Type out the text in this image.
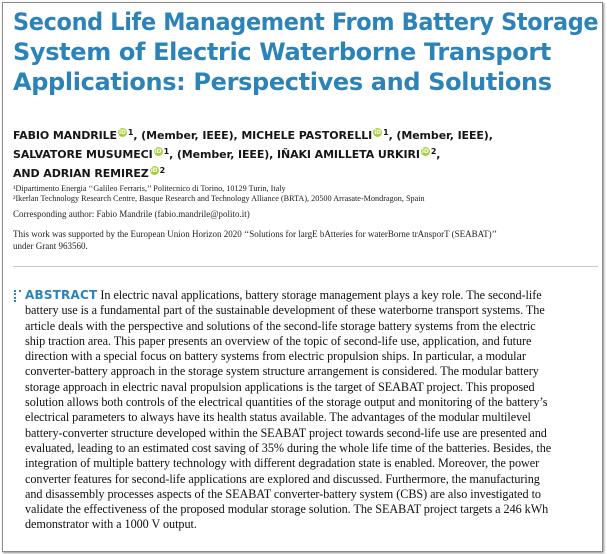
Second Life Management From Battery Storage
System of Electric Waterborne Transport
Applications: Perspectives and Solutions
FABIO MANDRILE iD $^1$, (Member, IEEE), MICHELE PASTORELLI iD $^1$, (Member, IEEE),
SALVATORE MUSUMECI iD $^1$, (Member, IEEE), IÑAKI AMILLETA URKIRI iD $^2$,
AND ADRIAN REMIREZ iD $^2$
¹Dipartimento Energia ‘‘Galileo Ferraris,’’ Politecnico di Torino, 10129 Turin, Italy
²Ikerlan Technology Research Centre, Basque Research and Technology Alliance (BRTA), 20500 Arrasate-Mondragon, Spain
Corresponding author: Fabio Mandrile (fabio.mandrile@polito.it)
This work was supported by the European Union Horizon 2020 ‘‘Solutions for largE bAtteries for waterBorne trAnsporT (SEABAT)’’
under Grant 963560.
ABSTRACT In electric naval applications, battery storage management plays a key role. The second-life
battery use is a fundamental part of the sustainable development of these waterborne transport systems. The
article deals with the perspective and solutions of the second-life storage battery systems from the electric
ship traction area. This paper presents an overview of the topic of second-life use, application, and future
direction with a special focus on battery systems from electric propulsion ships. In particular, a modular
converter-battery approach in the storage system structure arrangement is considered. The modular battery
storage approach in electric naval propulsion applications is the target of SEABAT project. This proposed
solution allows both controls of the electrical quantities of the storage output and monitoring of the battery’s
electrical parameters to always have its health status available. The advantages of the modular multilevel
battery-converter structure developed within the SEABAT project towards second-life use are presented and
evaluated, leading to an estimated cost saving of 35% during the whole life time of the batteries. Besides, the
integration of multiple battery technology with different degradation state is enabled. Moreover, the power
converter features for second-life applications are explored and discussed. Furthermore, the manufacturing
and disassembly processes aspects of the SEABAT converter-battery system (CBS) are also investigated to
validate the effectiveness of the proposed modular storage solution. The SEABAT project targets a 246 kWh
demonstrator with a 1000 V output.
